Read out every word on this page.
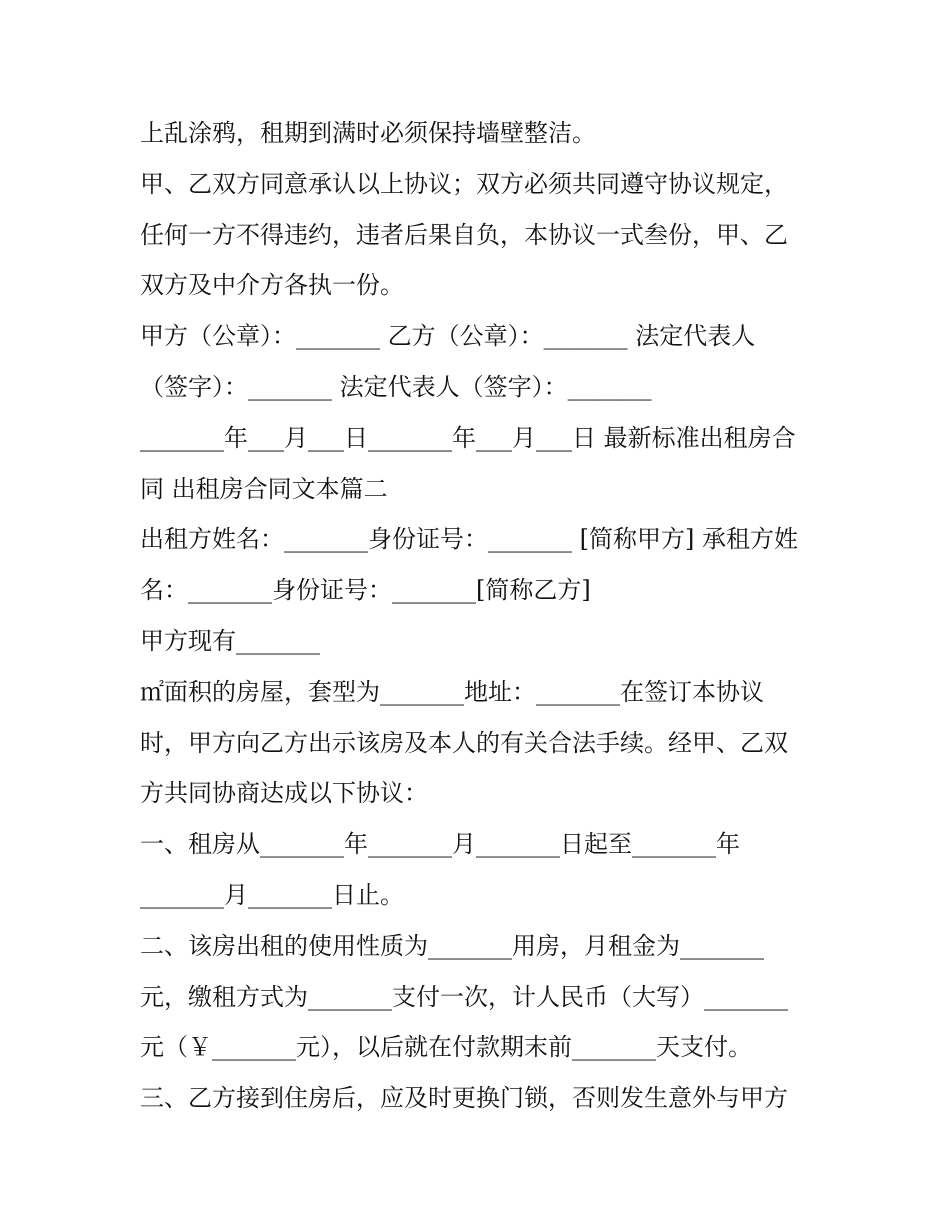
上乱涂鸦，租期到满时必须保持墙壁整洁。
甲、乙双方同意承认以上协议；双方必须共同遵守协议规定，
任何一方不得违约，违者后果自负，本协议一式叁份，甲、乙
双方及中介方各执一份。
甲方（公章）：_______ 乙方（公章）：_______ 法定代表人
（签字）：_______ 法定代表人（签字）：_______
_______年___月___日_______年___月___日 最新标准出租房合
同 出租房合同文本篇二
出租方姓名：_______身份证号：_______ [简称甲方] 承租方姓
名：_______身份证号：_______[简称乙方]
甲方现有_______
㎡面积的房屋，套型为_______地址：_______在签订本协议
时，甲方向乙方出示该房及本人的有关合法手续。经甲、乙双
方共同协商达成以下协议：
一、租房从_______年_______月_______日起至_______年
_______月_______日止。
二、该房出租的使用性质为_______用房，月租金为_______
元，缴租方式为_______支付一次，计人民币（大写）_______
元（￥_______元），以后就在付款期末前_______天支付。
三、乙方接到住房后，应及时更换门锁，否则发生意外与甲方
